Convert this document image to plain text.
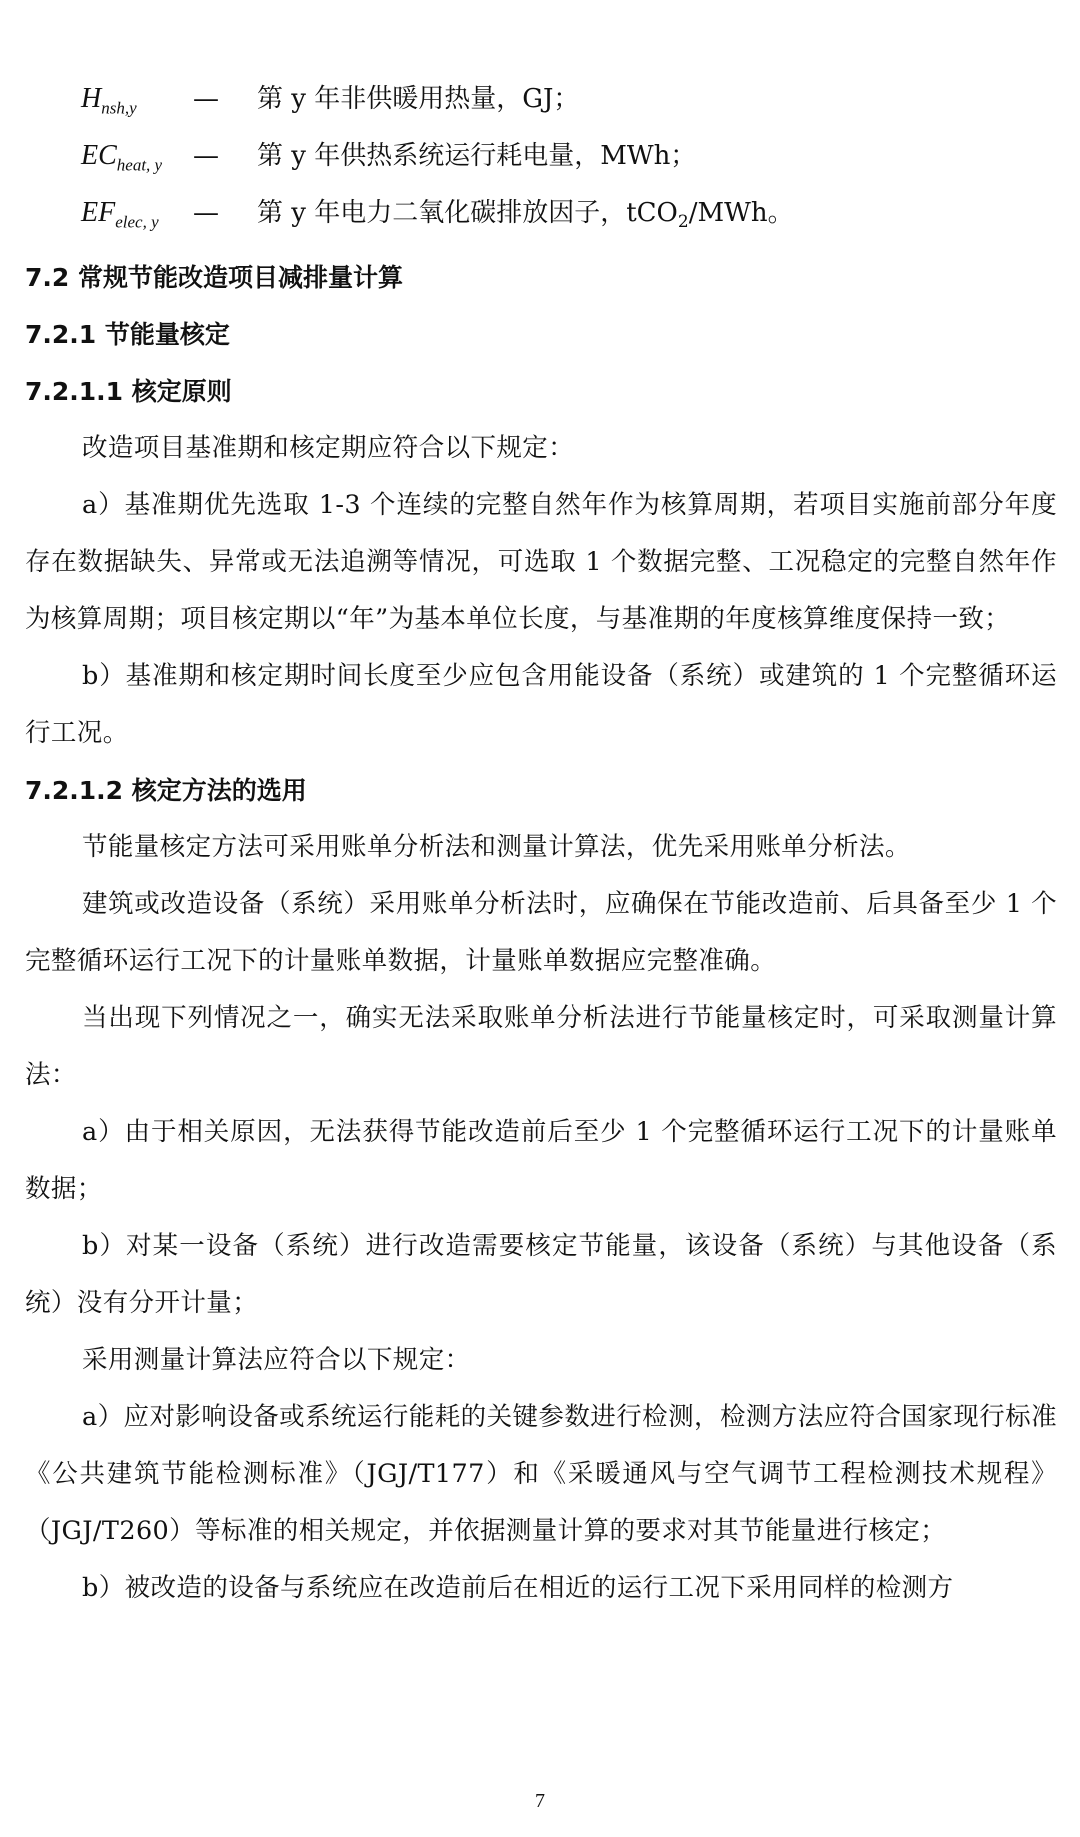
$H_{nsh,y}$	—	第 y 年非供暖用热量，GJ；
$EC_{heat, y}$	—	第 y 年供热系统运行耗电量，MWh；
$EF_{elec, y}$	—	第 y 年电力二氧化碳排放因子，tCO$_2$/MWh。
7.2 常规节能改造项目减排量计算
7.2.1 节能量核定
7.2.1.1 核定原则

改造项目基准期和核定期应符合以下规定：

a）基准期优先选取 1-3 个连续的完整自然年作为核算周期，若项目实施前部分年度存在数据缺失、异常或无法追溯等情况，可选取 1 个数据完整、工况稳定的完整自然年作为核算周期；项目核定期以“年”为基本单位长度，与基准期的年度核算维度保持一致；

b）基准期和核定期时间长度至少应包含用能设备（系统）或建筑的 1 个完整循环运行工况。

7.2.1.2 核定方法的选用

节能量核定方法可采用账单分析法和测量计算法，优先采用账单分析法。

建筑或改造设备（系统）采用账单分析法时，应确保在节能改造前、后具备至少 1 个完整循环运行工况下的计量账单数据，计量账单数据应完整准确。

当出现下列情况之一，确实无法采取账单分析法进行节能量核定时，可采取测量计算法：

a）由于相关原因，无法获得节能改造前后至少 1 个完整循环运行工况下的计量账单数据；

b）对某一设备（系统）进行改造需要核定节能量，该设备（系统）与其他设备（系统）没有分开计量；

采用测量计算法应符合以下规定：

a）应对影响设备或系统运行能耗的关键参数进行检测，检测方法应符合国家现行标准《公共建筑节能检测标准》（JGJ/T177）和《采暖通风与空气调节工程检测技术规程》（JGJ/T260）等标准的相关规定，并依据测量计算的要求对其节能量进行核定；

b）被改造的设备与系统应在改造前后在相近的运行工况下采用同样的检测方

7
